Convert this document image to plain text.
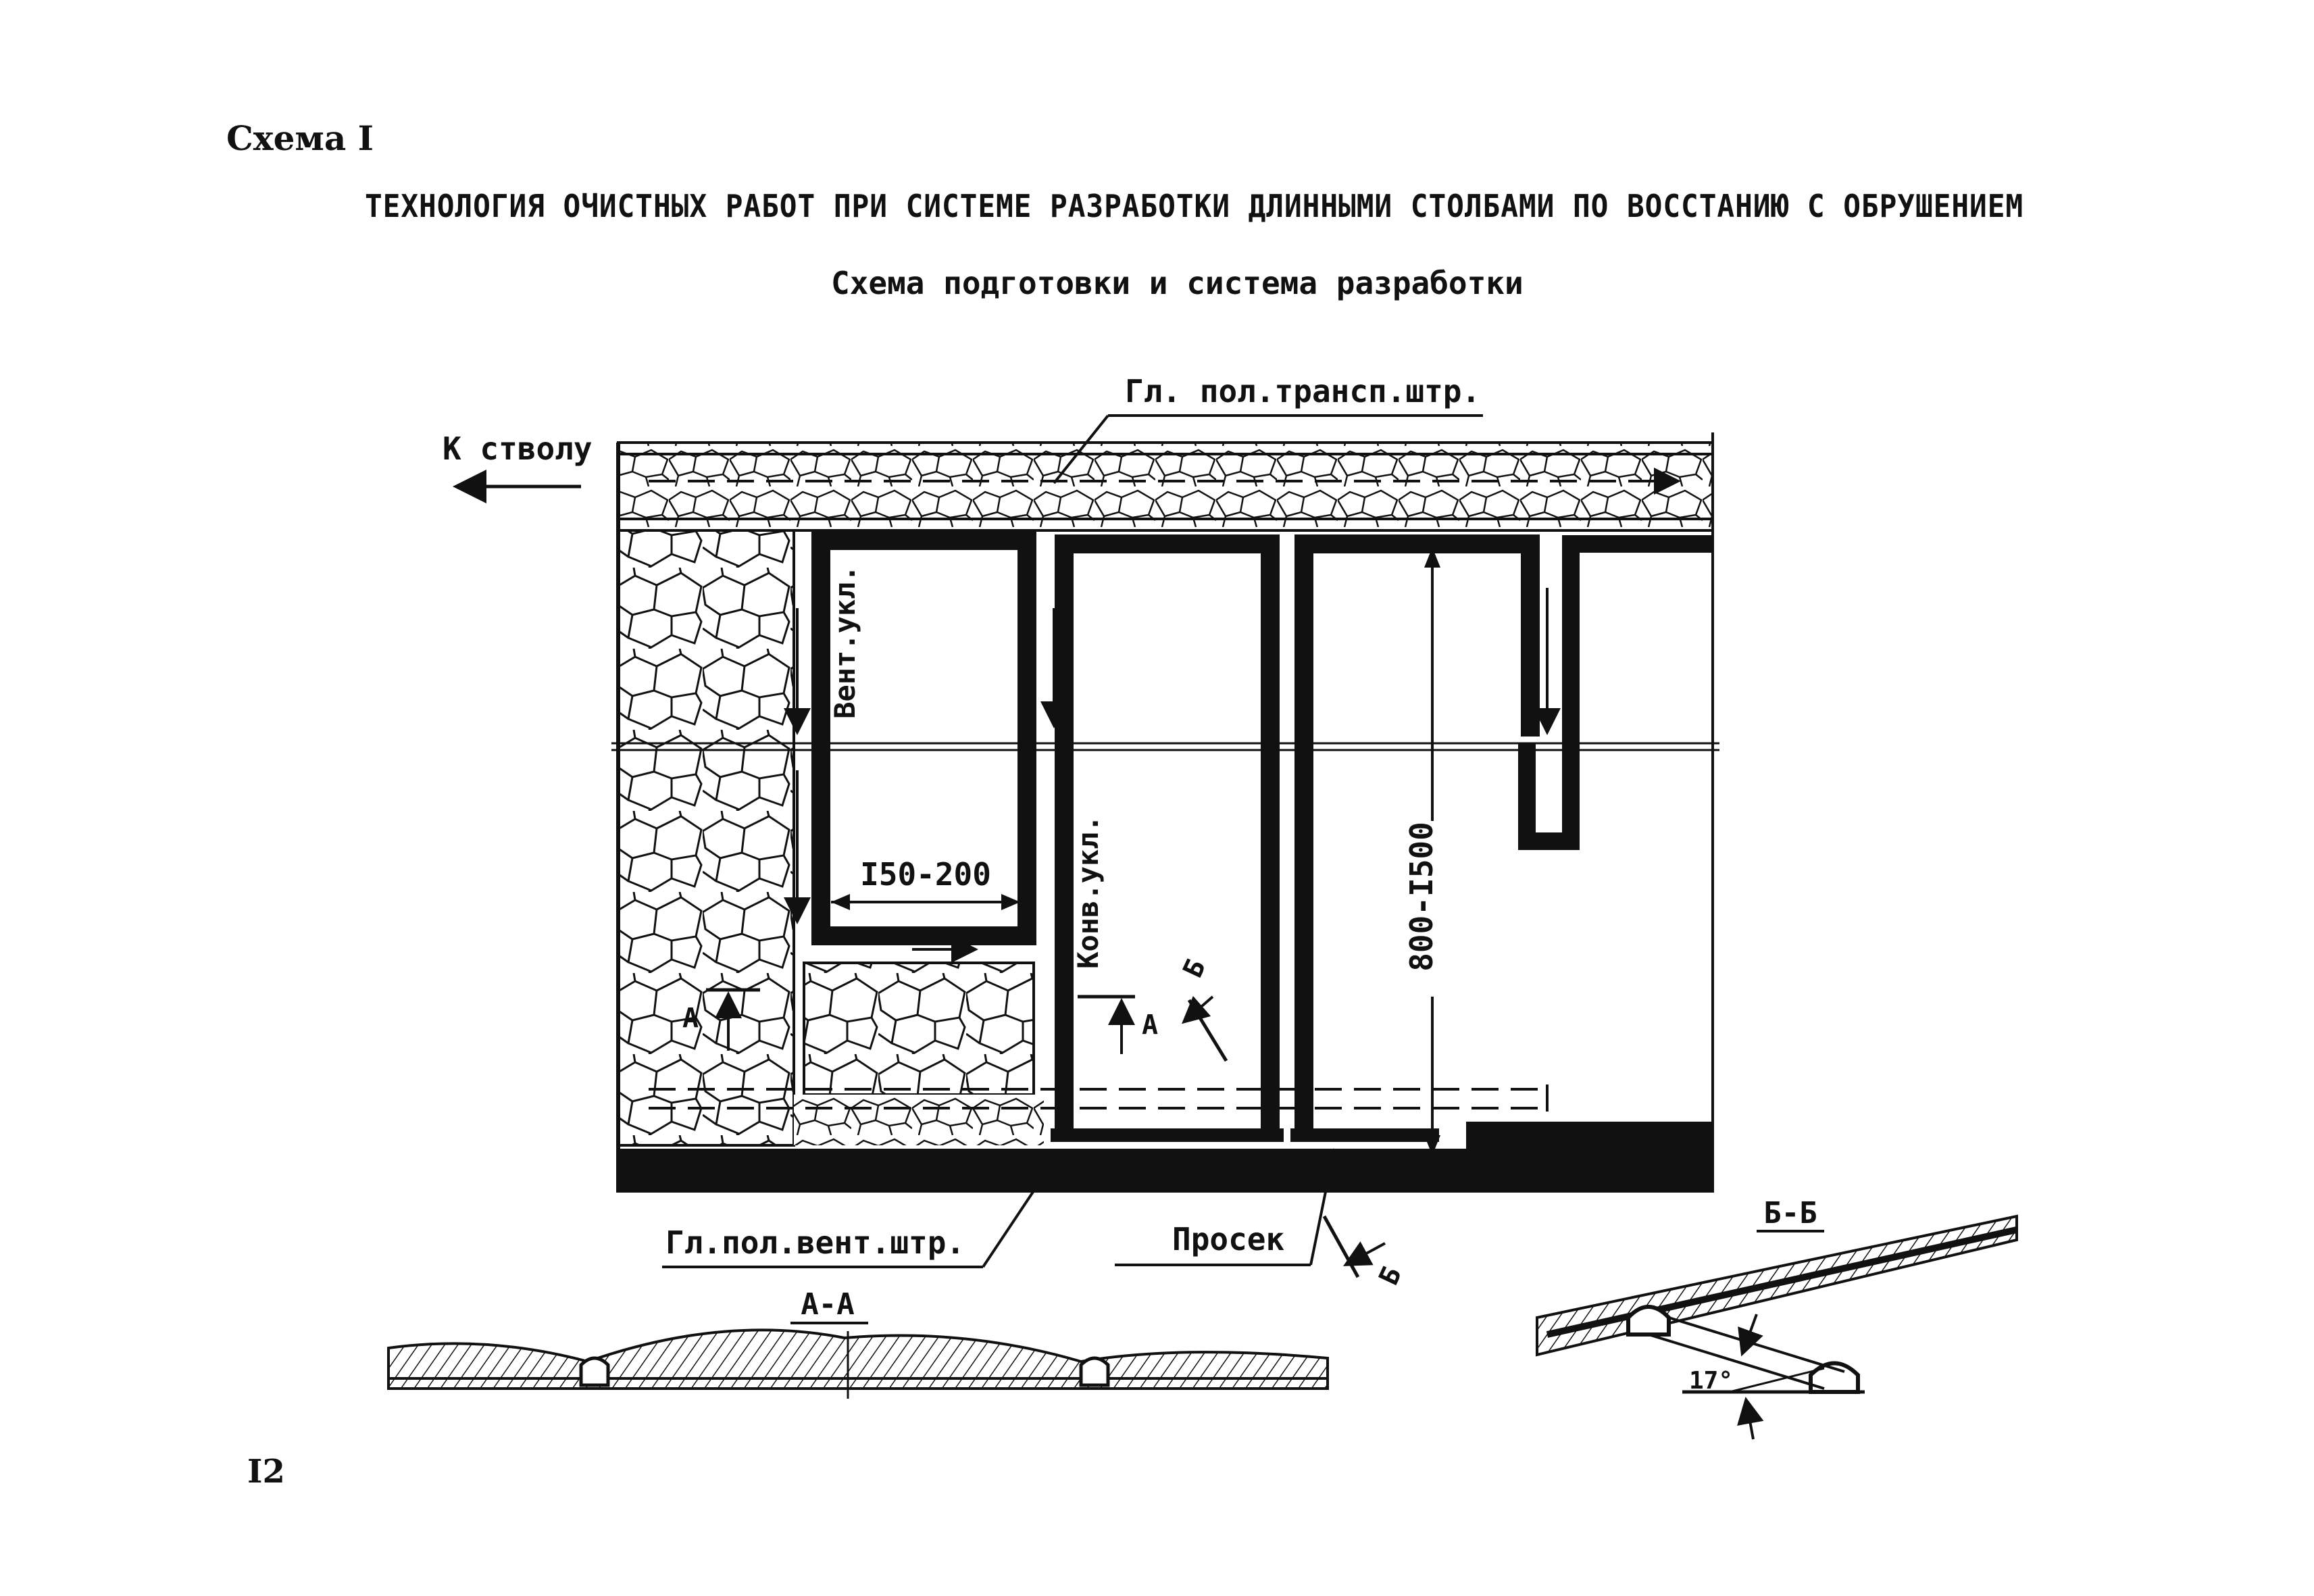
Схема I
ТЕХНОЛОГИЯ ОЧИСТНЫХ РАБОТ ПРИ СИСТЕМЕ РАЗРАБОТКИ ДЛИННЫМИ СТОЛБАМИ ПО ВОССТАНИЮ С ОБРУШЕНИЕМ
Схема подготовки и система разработки
800-I500
I50-200
Вент.укл.
Конв.укл.
А	А
Б
Б
К стволу
Гл. пол.трансп.штр.
Гл.пол.вент.штр.	Просек
А-А
Б-Б
17°
I2
